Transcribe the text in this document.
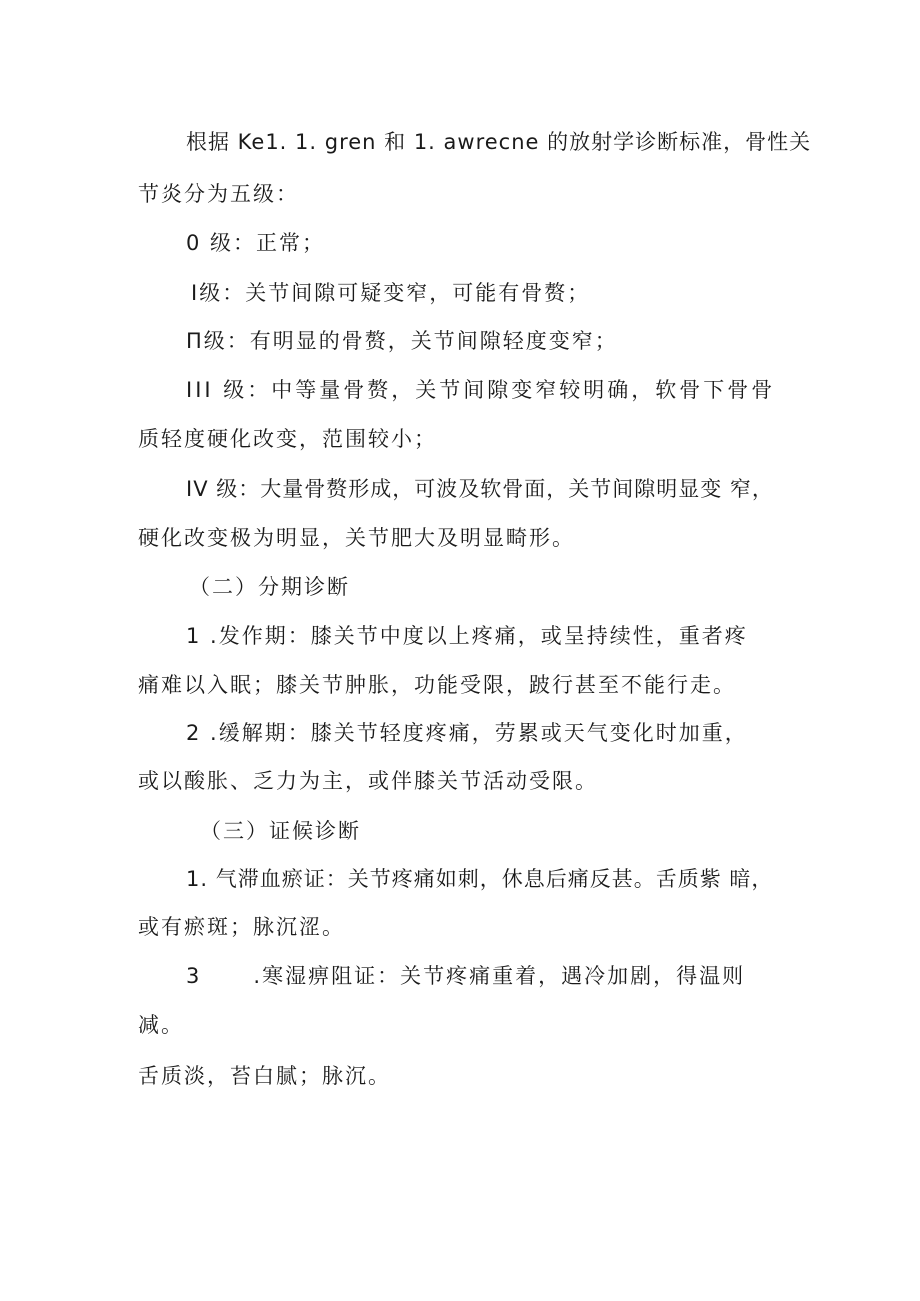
根据 Ke1. 1. gren 和 1. awrecne 的放射学诊断标准，骨性关
节炎分为五级：
0 级：正常；
Ⅰ级：关节间隙可疑变窄，可能有骨赘；
Π级：有明显的骨赘，关节间隙轻度变窄；
III 级：中等量骨赘，关节间隙变窄较明确，软骨下骨骨
质轻度硬化改变，范围较小；
IV 级：大量骨赘形成，可波及软骨面，关节间隙明显变 窄，
硬化改变极为明显，关节肥大及明显畸形。
（二）分期诊断
1 .发作期：膝关节中度以上疼痛，或呈持续性，重者疼
痛难以入眠；膝关节肿胀，功能受限，跛行甚至不能行走。
2 .缓解期：膝关节轻度疼痛，劳累或天气变化时加重，
或以酸胀、乏力为主，或伴膝关节活动受限。
（三）证候诊断
1. 气滞血瘀证：关节疼痛如刺，休息后痛反甚。舌质紫 暗，
或有瘀斑；脉沉涩。
3      .寒湿痹阻证：关节疼痛重着，遇冷加剧，得温则
减。
舌质淡，苔白腻；脉沉。
